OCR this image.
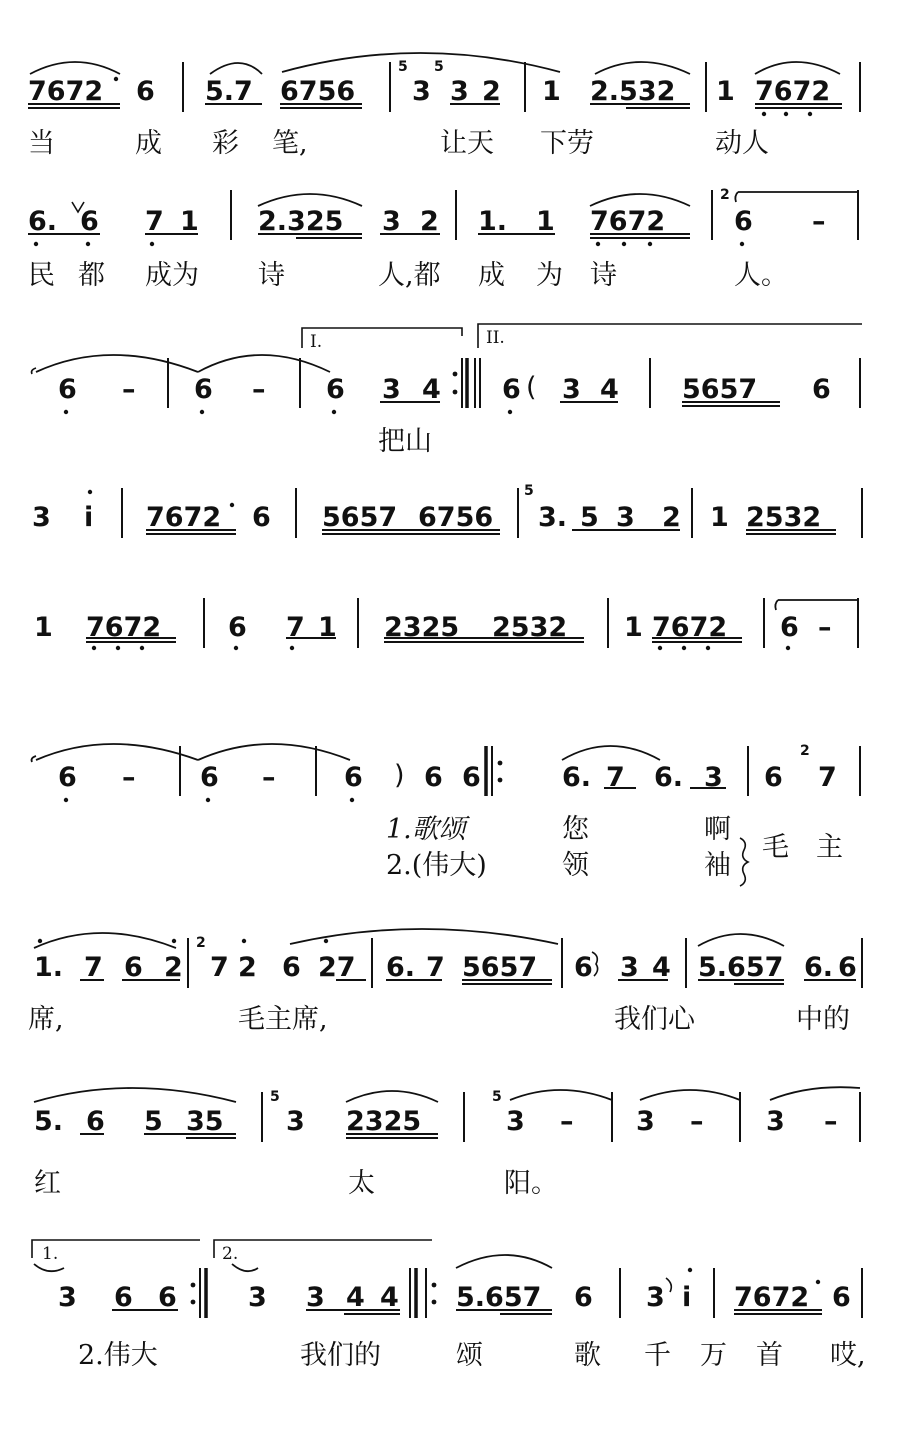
7672 6 5.7 6756
5
3
5
3 2 1 2.532 1 7672
当	成 彩 笔,	让天 下劳	动人
6. 6 7 1 2.325 3 2 1. 1 7672
2
6 –
民 都 成为 诗	人,都 成 为 诗	人。
I.	II.
6 – 6 – 6 3 4 6 ( 3 4 5657 6
把山
3 i 7672 6 5657 6756
5
3. 5 3 2 1 2532
1 7672 6 7 1 2325 2532 1 7672 6 –
6 – 6 –	6 ) 6 6	6. 7 6. 3 6
2
7
1.歌颂	您	啊
2.(伟大)	领	袖
毛 主
1. 7 6 2
2
7 2 6 27 6. 7 5657 6 3 4 5.657 6. 6
席,	毛主席,	我们心	中的
5. 6 5 35
5
3 2325
5
3 – 3 – 3 –
红	太	阳。
1.	2.
3 6 6	3 3 4 4 5.657 6 3 i 7672 6
2.伟大	我们的	颂	歌 千 万 首 哎,
